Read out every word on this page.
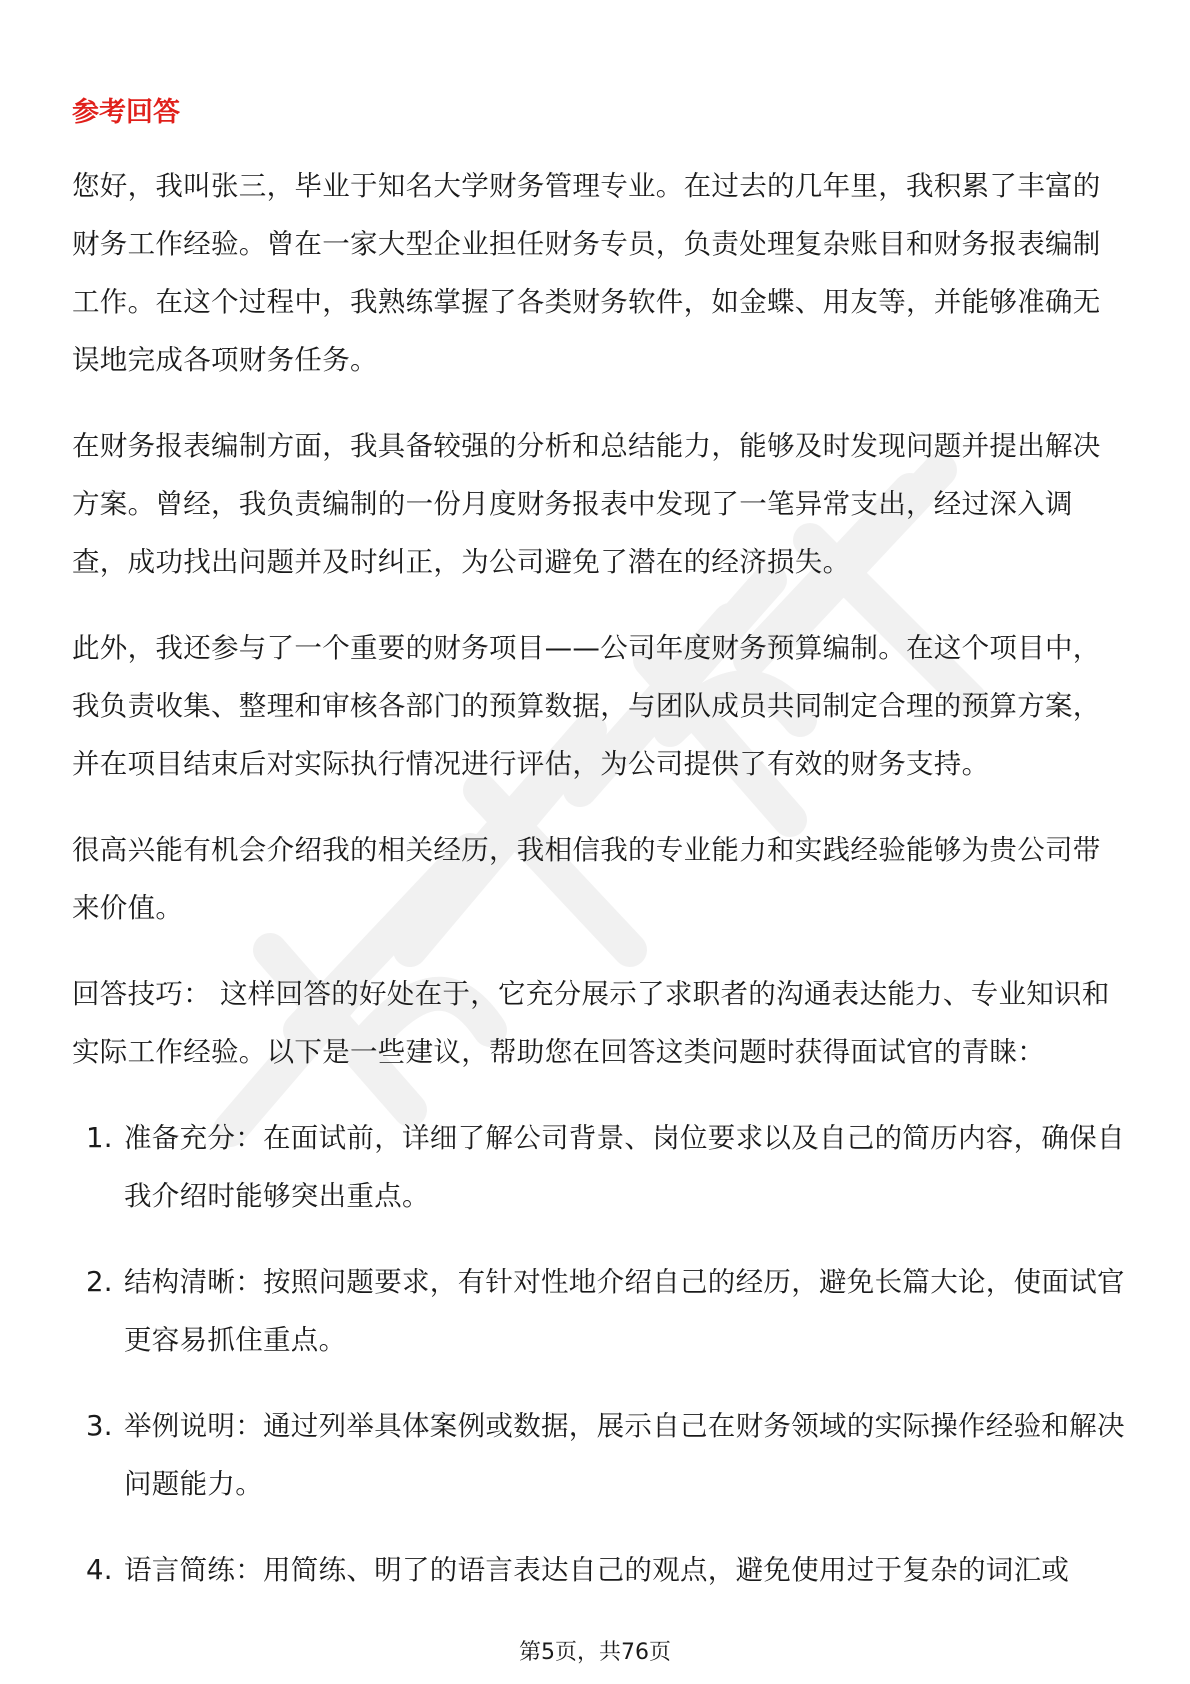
参考回答

您好，我叫张三，毕业于知名大学财务管理专业。在过去的几年里，我积累了丰富的财务工作经验。曾在一家大型企业担任财务专员，负责处理复杂账目和财务报表编制工作。在这个过程中，我熟练掌握了各类财务软件，如金蝶、用友等，并能够准确无误地完成各项财务任务。

在财务报表编制方面，我具备较强的分析和总结能力，能够及时发现问题并提出解决方案。曾经，我负责编制的一份月度财务报表中发现了一笔异常支出，经过深入调查，成功找出问题并及时纠正，为公司避免了潜在的经济损失。

此外，我还参与了一个重要的财务项目——公司年度财务预算编制。在这个项目中，我负责收集、整理和审核各部门的预算数据，与团队成员共同制定合理的预算方案，并在项目结束后对实际执行情况进行评估，为公司提供了有效的财务支持。

很高兴能有机会介绍我的相关经历，我相信我的专业能力和实践经验能够为贵公司带来价值。

回答技巧： 这样回答的好处在于，它充分展示了求职者的沟通表达能力、专业知识和实际工作经验。以下是一些建议，帮助您在回答这类问题时获得面试官的青睐：

1. 准备充分：在面试前，详细了解公司背景、岗位要求以及自己的简历内容，确保自我介绍时能够突出重点。
2. 结构清晰：按照问题要求，有针对性地介绍自己的经历，避免长篇大论，使面试官更容易抓住重点。
3. 举例说明：通过列举具体案例或数据，展示自己在财务领域的实际操作经验和解决问题能力。
4. 语言简练：用简练、明了的语言表达自己的观点，避免使用过于复杂的词汇或
第5页，共76页
